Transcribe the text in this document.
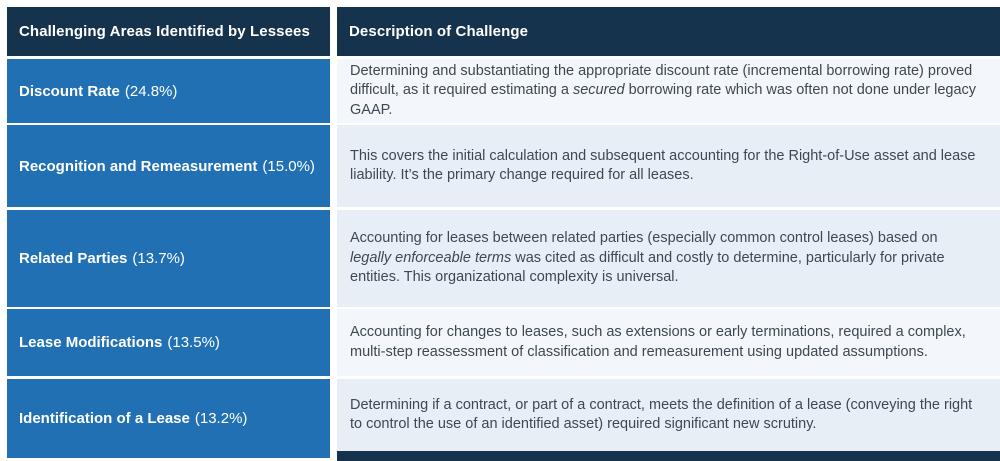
Challenging Areas Identified by Lessees	Description of Challenge
Discount Rate (24.8%)
Determining and substantiating the appropriate discount rate (incremental borrowing rate) proved difficult, as it required estimating a secured borrowing rate which was often not done under legacy GAAP.
Recognition and Remeasurement (15.0%)
This covers the initial calculation and subsequent accounting for the Right-of-Use asset and lease liability. It’s the primary change required for all leases.
Related Parties (13.7%)
Accounting for leases between related parties (especially common control leases) based on legally enforceable terms was cited as difficult and costly to determine, particularly for private entities. This organizational complexity is universal.
Lease Modifications (13.5%)
Accounting for changes to leases, such as extensions or early terminations, required a complex, multi-step reassessment of classification and remeasurement using updated assumptions.
Identification of a Lease (13.2%)
Determining if a contract, or part of a contract, meets the definition of a lease (conveying the right to control the use of an identified asset) required significant new scrutiny.
